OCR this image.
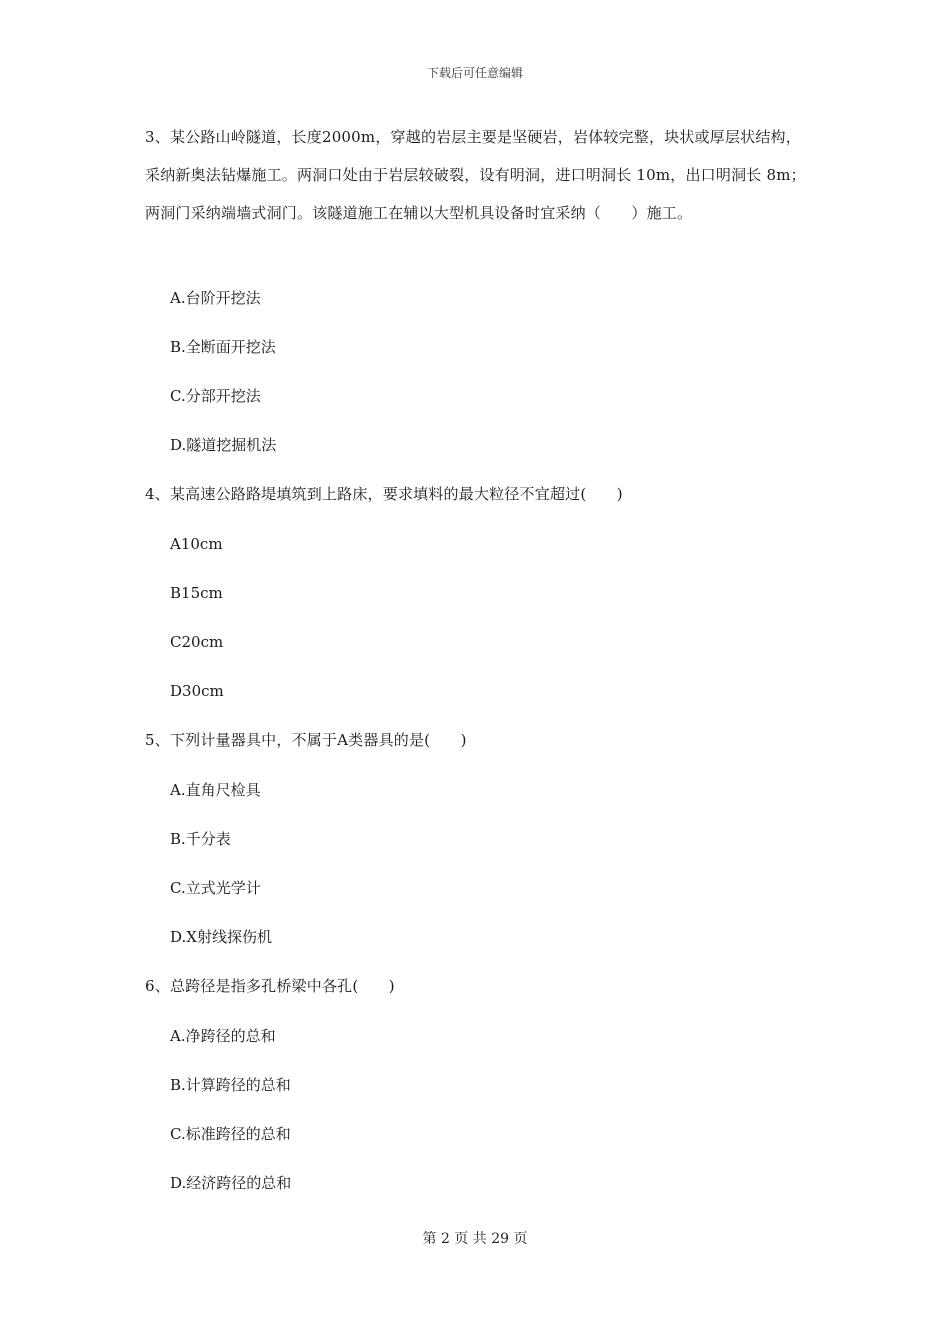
下载后可任意编辑

3、某公路山岭隧道，长度2000m，穿越的岩层主要是坚硬岩，岩体较完整，块状或厚层状结构，采纳新奥法钻爆施工。两洞口处由于岩层较破裂，设有明洞，进口明洞长 10m，出口明洞长 8m；两洞门采纳端墙式洞门。该隧道施工在辅以大型机具设备时宜采纳（　　）施工。

A.台阶开挖法

B.全断面开挖法

C.分部开挖法

D.隧道挖掘机法

4、某高速公路路堤填筑到上路床，要求填料的最大粒径不宜超过(　　)

A10cm

B15cm

C20cm

D30cm

5、下列计量器具中，不属于A类器具的是(　　)

A.直角尺检具

B.千分表

C.立式光学计

D.X射线探伤机

6、总跨径是指多孔桥梁中各孔(　　)

A.净跨径的总和

B.计算跨径的总和

C.标准跨径的总和

D.经济跨径的总和

第 2 页 共 29 页
